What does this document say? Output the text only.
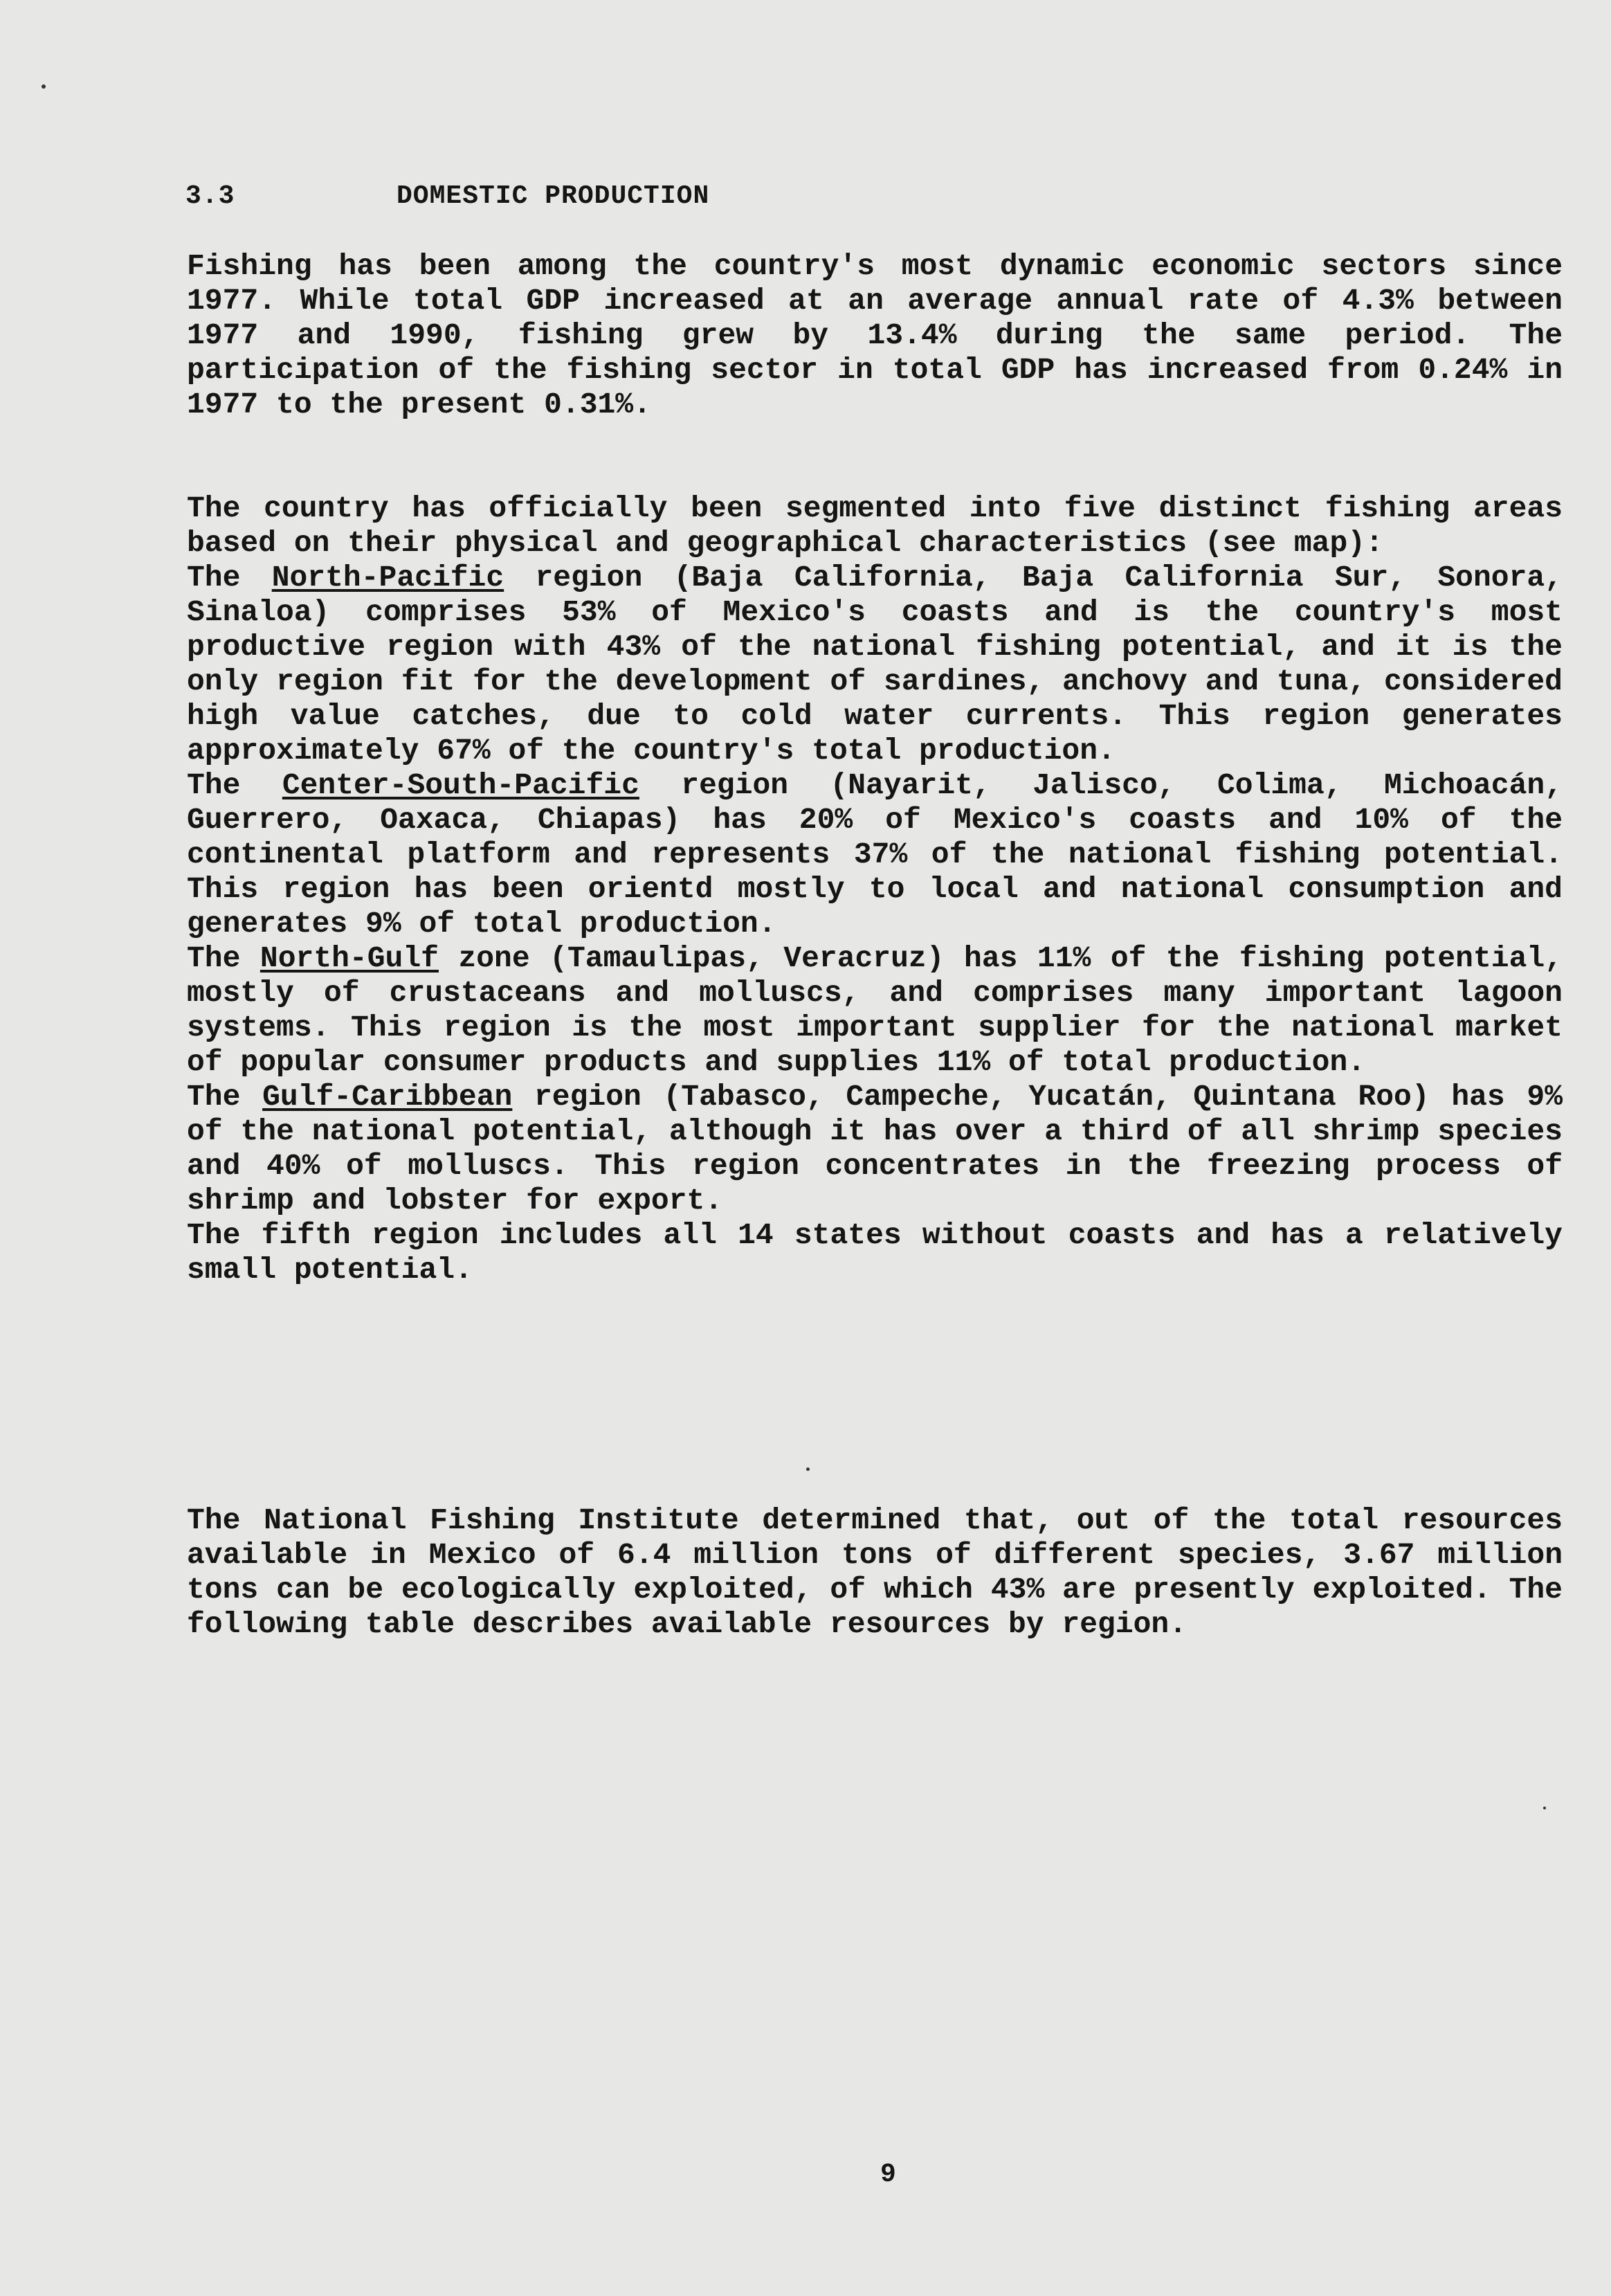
3.3	DOMESTIC PRODUCTION

Fishing has been among the country's most dynamic economic sectors since 1977. While total GDP increased at an average annual rate of 4.3% between 1977 and 1990, fishing grew by 13.4% during the same period. The participation of the fishing sector in total GDP has increased from 0.24% in 1977 to the present 0.31%.

The country has officially been segmented into five distinct fishing areas based on their physical and geographical characteristics (see map):

The North-Pacific region (Baja California, Baja California Sur, Sonora, Sinaloa) comprises 53% of Mexico's coasts and is the country's most productive region with 43% of the national fishing potential, and it is the only region fit for the development of sardines, anchovy and tuna, considered high value catches, due to cold water currents. This region generates approximately 67% of the country's total production.

The Center-South-Pacific region (Nayarit, Jalisco, Colima, Michoacán, Guerrero, Oaxaca, Chiapas) has 20% of Mexico's coasts and 10% of the continental platform and represents 37% of the national fishing potential. This region has been orientd mostly to local and national consumption and generates 9% of total production.

The North-Gulf zone (Tamaulipas, Veracruz) has 11% of the fishing potential, mostly of crustaceans and molluscs, and comprises many important lagoon systems. This region is the most important supplier for the national market of popular consumer products and supplies 11% of total production.

The Gulf-Caribbean region (Tabasco, Campeche, Yucatán, Quintana Roo) has 9% of the national potential, although it has over a third of all shrimp species and 40% of molluscs. This region concentrates in the freezing process of shrimp and lobster for export.

The fifth region includes all 14 states without coasts and has a relatively small potential.

The National Fishing Institute determined that, out of the total resources available in Mexico of 6.4 million tons of different species, 3.67 million tons can be ecologically exploited, of which 43% are presently exploited. The following table describes available resources by region.

9
